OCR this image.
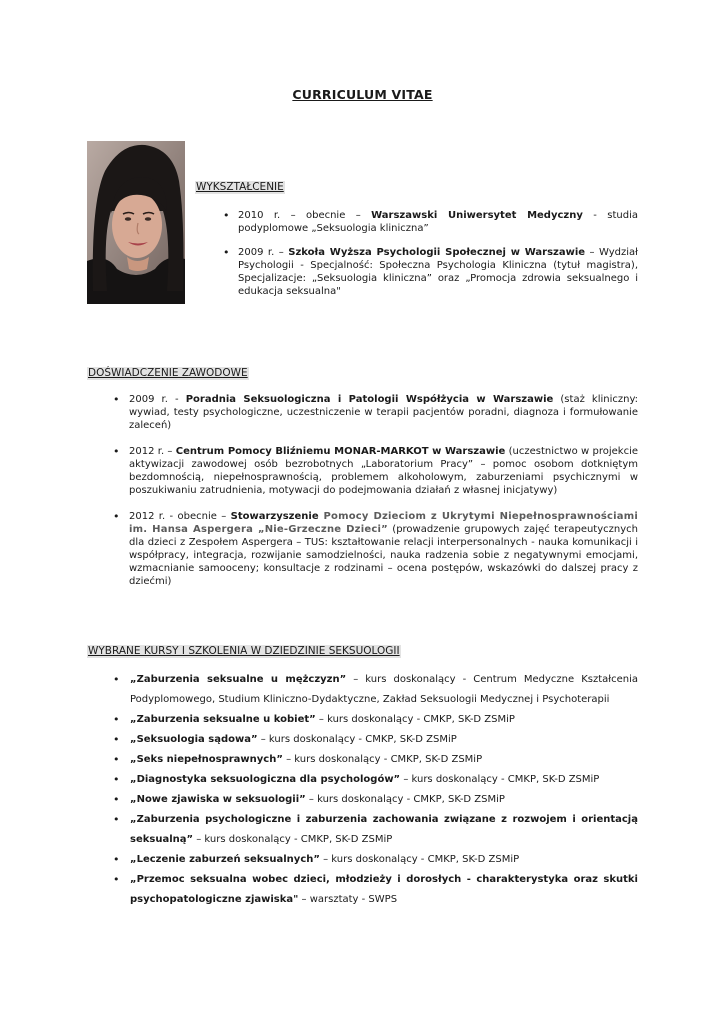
CURRICULUM VITAE
WYKSZTAŁCENIE
• 2010 r. – obecnie – Warszawski Uniwersytet Medyczny - studia podyplomowe „Seksuologia kliniczna”
• 2009 r. – Szkoła Wyższa Psychologii Społecznej w Warszawie – Wydział Psychologii - Specjalność: Społeczna Psychologia Kliniczna (tytuł magistra), Specjalizacje: „Seksuologia kliniczna” oraz „Promocja zdrowia seksualnego i edukacja seksualna"
DOŚWIADCZENIE ZAWODOWE
• 2009 r. - Poradnia Seksuologiczna i Patologii Współżycia w Warszawie (staż kliniczny: wywiad, testy psychologiczne, uczestniczenie w terapii pacjentów poradni, diagnoza i formułowanie zaleceń)
• 2012 r. – Centrum Pomocy Bliźniemu MONAR-MARKOT w Warszawie (uczestnictwo w projekcie aktywizacji zawodowej osób bezrobotnych „Laboratorium Pracy” – pomoc osobom dotkniętym bezdomnością, niepełnosprawnością, problemem alkoholowym, zaburzeniami psychicznymi w poszukiwaniu zatrudnienia, motywacji do podejmowania działań z własnej inicjatywy)
• 2012 r. - obecnie – Stowarzyszenie Pomocy Dzieciom z Ukrytymi Niepełnosprawnościami im. Hansa Aspergera „Nie-Grzeczne Dzieci” (prowadzenie grupowych zajęć terapeutycznych dla dzieci z Zespołem Aspergera – TUS: kształtowanie relacji interpersonalnych - nauka komunikacji i współpracy, integracja, rozwijanie samodzielności, nauka radzenia sobie z negatywnymi emocjami, wzmacnianie samooceny; konsultacje z rodzinami – ocena postępów, wskazówki do dalszej pracy z dziećmi)
WYBRANE KURSY I SZKOLENIA W DZIEDZINIE SEKSUOLOGII
• „Zaburzenia seksualne u mężczyzn” – kurs doskonalący - Centrum Medyczne Kształcenia Podyplomowego, Studium Kliniczno-Dydaktyczne, Zakład Seksuologii Medycznej i Psychoterapii
• „Zaburzenia seksualne u kobiet” – kurs doskonalący - CMKP, SK-D ZSMiP
• „Seksuologia sądowa” – kurs doskonalący - CMKP, SK-D ZSMiP
• „Seks niepełnosprawnych” – kurs doskonalący - CMKP, SK-D ZSMiP
• „Diagnostyka seksuologiczna dla psychologów” – kurs doskonalący - CMKP, SK-D ZSMiP
• „Nowe zjawiska w seksuologii” – kurs doskonalący - CMKP, SK-D ZSMiP
• „Zaburzenia psychologiczne i zaburzenia zachowania związane z rozwojem i orientacją seksualną” – kurs doskonalący - CMKP, SK-D ZSMiP
• „Leczenie zaburzeń seksualnych” – kurs doskonalący - CMKP, SK-D ZSMiP
• „Przemoc seksualna wobec dzieci, młodzieży i dorosłych - charakterystyka oraz skutki psychopatologiczne zjawiska" – warsztaty - SWPS
